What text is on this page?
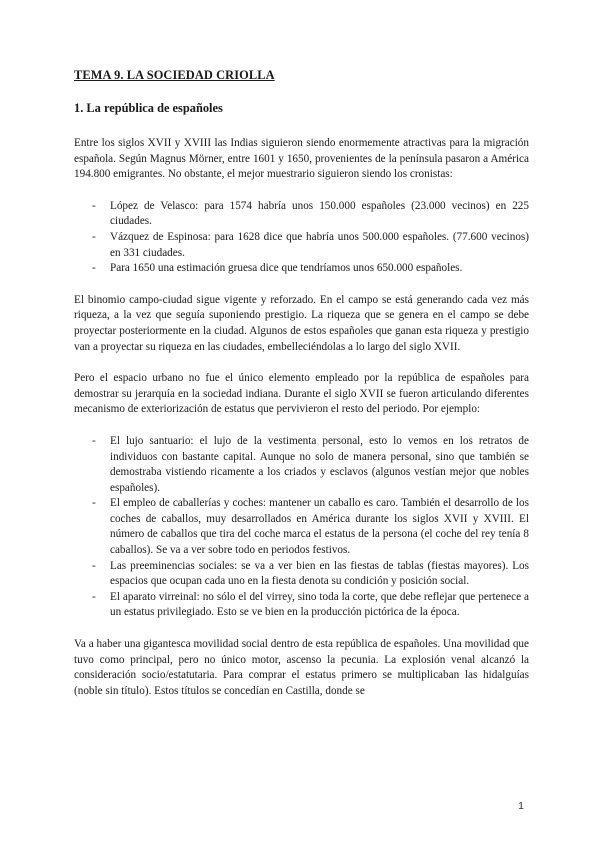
TEMA 9. LA SOCIEDAD CRIOLLA
1. La república de españoles

Entre los siglos XVII y XVIII las Indias siguieron siendo enormemente atractivas para la migración española. Según Magnus Mörner, entre 1601 y 1650, provenientes de la península pasaron a América 194.800 emigrantes. No obstante, el mejor muestrario siguieron siendo los cronistas:

- López de Velasco: para 1574 habría unos 150.000 españoles (23.000 vecinos) en 225 ciudades.
- Vázquez de Espinosa: para 1628 dice que habría unos 500.000 españoles. (77.600 vecinos) en 331 ciudades.
- Para 1650 una estimación gruesa dice que tendríamos unos 650.000 españoles.

El binomio campo-ciudad sigue vigente y reforzado. En el campo se está generando cada vez más riqueza, a la vez que seguía suponiendo prestigio. La riqueza que se genera en el campo se debe proyectar posteriormente en la ciudad. Algunos de estos españoles que ganan esta riqueza y prestigio van a proyectar su riqueza en las ciudades, embelleciéndolas a lo largo del siglo XVII.

Pero el espacio urbano no fue el único elemento empleado por la república de españoles para demostrar su jerarquía en la sociedad indiana. Durante el siglo XVII se fueron articulando diferentes mecanismo de exteriorización de estatus que pervivieron el resto del periodo. Por ejemplo:

- El lujo santuario: el lujo de la vestimenta personal, esto lo vemos en los retratos de individuos con bastante capital. Aunque no solo de manera personal, sino que también se demostraba vistiendo ricamente a los criados y esclavos (algunos vestían mejor que nobles españoles).
- El empleo de caballerías y coches: mantener un caballo es caro. También el desarrollo de los coches de caballos, muy desarrollados en América durante los siglos XVII y XVIII. El número de caballos que tira del coche marca el estatus de la persona (el coche del rey tenía 8 caballos). Se va a ver sobre todo en periodos festivos.
- Las preeminencias sociales: se va a ver bien en las fiestas de tablas (fiestas mayores). Los espacios que ocupan cada uno en la fiesta denota su condición y posición social.
- El aparato virreinal: no sólo el del virrey, sino toda la corte, que debe reflejar que pertenece a un estatus privilegiado. Esto se ve bien en la producción pictórica de la época.

Va a haber una gigantesca movilidad social dentro de esta república de españoles. Una movilidad que tuvo como principal, pero no único motor, ascenso la pecunia. La explosión venal alcanzó la consideración socio/estatutaria. Para comprar el estatus primero se multiplicaban las hidalguías (noble sin título). Estos títulos se concedían en Castilla, donde se

1
